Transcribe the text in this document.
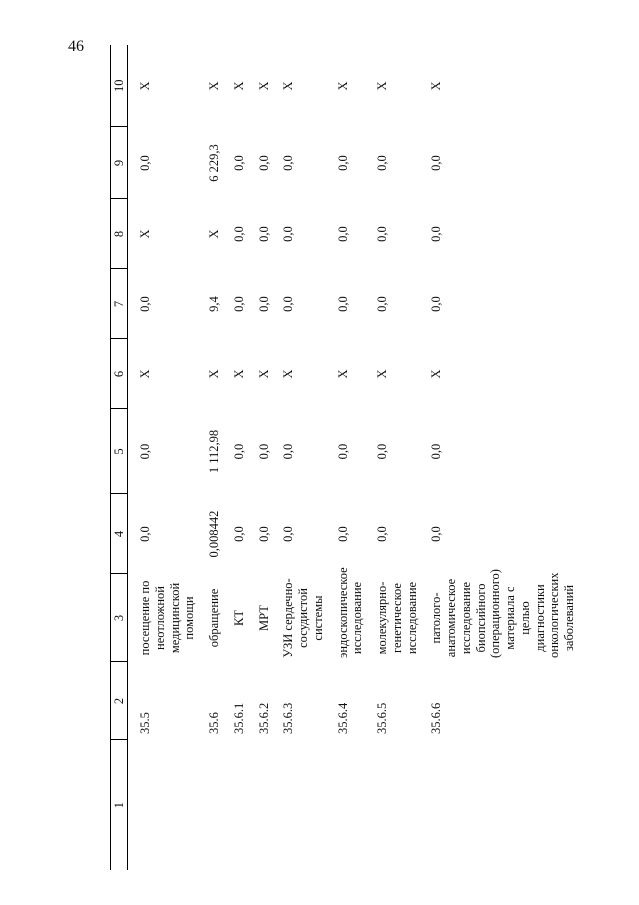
46
1	2	3	4	5	6	7	8	9	10
	35.5	посещение по неотложной медицинской помощи	0,0	0,0	X	0,0	X	0,0	X
	35.6	обращение	0,008442	1 112,98	X	9,4	X	6 229,3	X
	35.6.1	КТ	0,0	0,0	X	0,0	0,0	0,0	X
	35.6.2	МРТ	0,0	0,0	X	0,0	0,0	0,0	X
	35.6.3	УЗИ сердечно-сосудистой системы	0,0	0,0	X	0,0	0,0	0,0	X
	35.6.4	эндоскопическое исследование	0,0	0,0	X	0,0	0,0	0,0	X
	35.6.5	молекулярно-генетическое исследование	0,0	0,0	X	0,0	0,0	0,0	X
	35.6.6	патолого-анатомическое исследование биопсийного (операционного) материала с целью диагностики онкологических заболеваний	0,0	0,0	X	0,0	0,0	0,0	X
